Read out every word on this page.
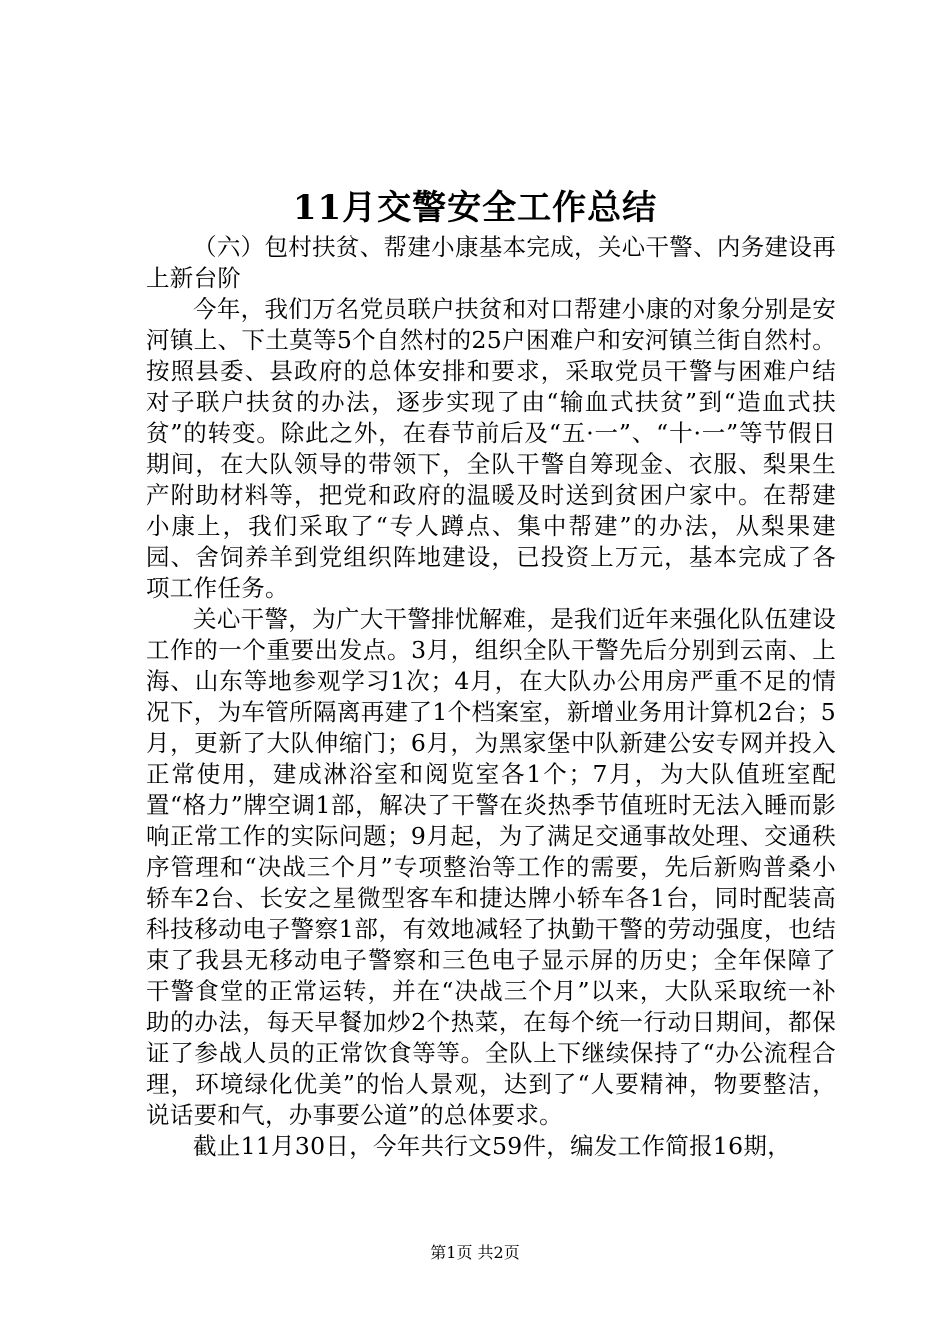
11月交警安全工作总结

（六）包村扶贫、帮建小康基本完成，关心干警、内务建设再上新台阶

今年，我们万名党员联户扶贫和对口帮建小康的对象分别是安河镇上、下土莫等5个自然村的25户困难户和安河镇兰街自然村。按照县委、县政府的总体安排和要求，采取党员干警与困难户结对子联户扶贫的办法，逐步实现了由“输血式扶贫”到“造血式扶贫”的转变。除此之外，在春节前后及“五·一”、“十·一”等节假日期间，在大队领导的带领下，全队干警自筹现金、衣服、梨果生产附助材料等，把党和政府的温暖及时送到贫困户家中。在帮建小康上，我们采取了“专人蹲点、集中帮建”的办法，从梨果建园、舍饲养羊到党组织阵地建设，已投资上万元，基本完成了各项工作任务。

关心干警，为广大干警排忧解难，是我们近年来强化队伍建设工作的一个重要出发点。3月，组织全队干警先后分别到云南、上海、山东等地参观学习1次；4月，在大队办公用房严重不足的情况下，为车管所隔离再建了1个档案室，新增业务用计算机2台；5月，更新了大队伸缩门；6月，为黑家堡中队新建公安专网并投入正常使用，建成淋浴室和阅览室各1个；7月，为大队值班室配置“格力”牌空调1部，解决了干警在炎热季节值班时无法入睡而影响正常工作的实际问题；9月起，为了满足交通事故处理、交通秩序管理和“决战三个月”专项整治等工作的需要，先后新购普桑小轿车2台、长安之星微型客车和捷达牌小轿车各1台，同时配装高科技移动电子警察1部，有效地减轻了执勤干警的劳动强度，也结束了我县无移动电子警察和三色电子显示屏的历史；全年保障了干警食堂的正常运转，并在“决战三个月”以来，大队采取统一补助的办法，每天早餐加炒2个热菜，在每个统一行动日期间，都保证了参战人员的正常饮食等等。全队上下继续保持了“办公流程合理，环境绿化优美”的怡人景观，达到了“人要精神，物要整洁，说话要和气，办事要公道”的总体要求。

截止11月30日，今年共行文59件，编发工作简报16期，

第1页 共2页
